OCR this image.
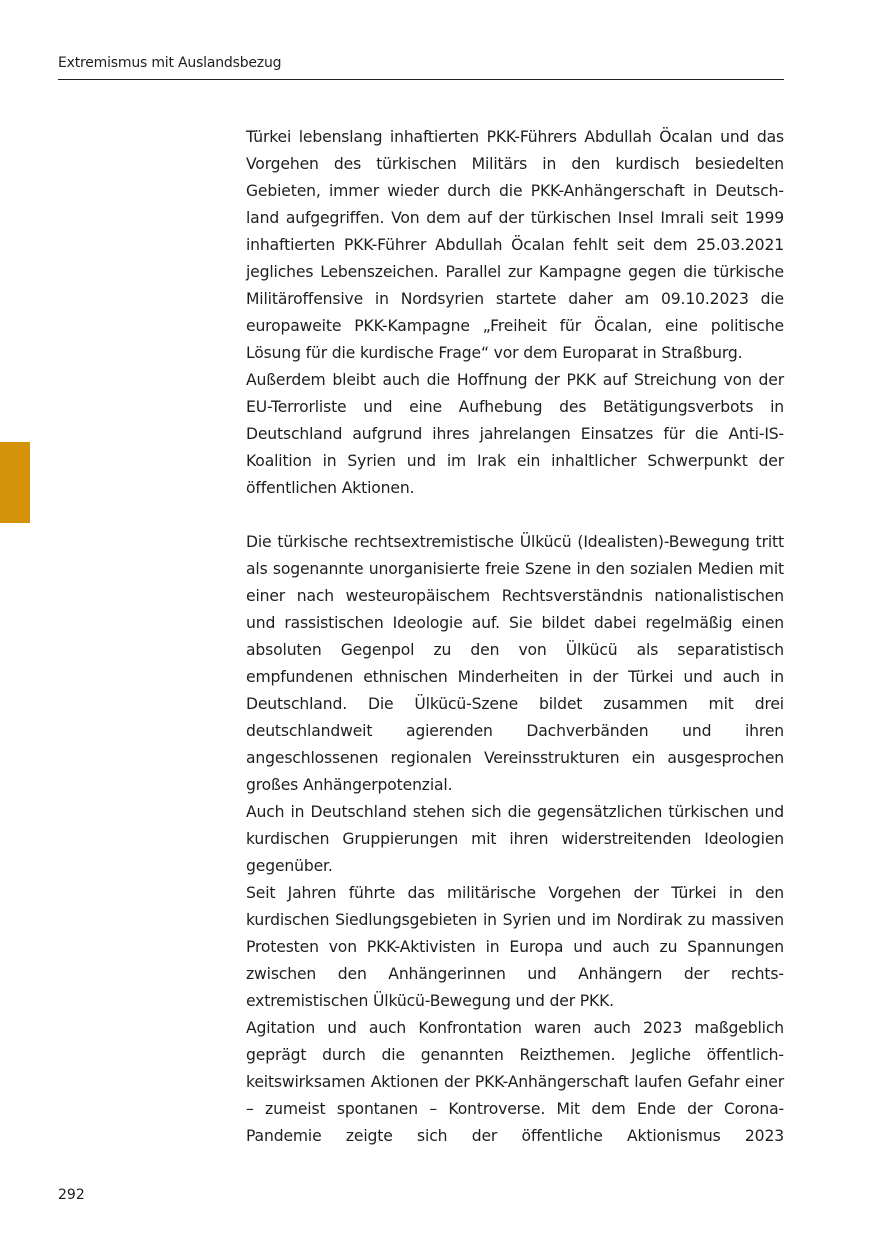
Extremismus mit Auslandsbezug

Türkei lebenslang inhaftierten PKK-Führers Abdullah Öcalan und das Vorgehen des türkischen Militärs in den kurdisch besiedelten Gebieten, immer wieder durch die PKK-Anhängerschaft in Deutschland aufgegriffen. Von dem auf der türkischen Insel Imrali seit 1999 inhaftierten PKK-Führer Abdullah Öcalan fehlt seit dem 25.03.2021 jegliches Lebenszeichen. Parallel zur Kampagne gegen die türkische Militäroffensive in Nordsyrien startete daher am 09.10.2023 die europaweite PKK-Kampagne „Freiheit für Öcalan, eine politische Lösung für die kurdische Frage“ vor dem Europarat in Straßburg.

Außerdem bleibt auch die Hoffnung der PKK auf Streichung von der EU-Terrorliste und eine Aufhebung des Betätigungsverbots in Deutschland aufgrund ihres jahrelangen Einsatzes für die Anti-IS-Koalition in Syrien und im Irak ein inhaltlicher Schwerpunkt der öffentlichen Aktionen.

Die türkische rechtsextremistische Ülkücü (Idealisten)-Bewegung tritt als sogenannte unorganisierte freie Szene in den sozialen Medien mit einer nach westeuropäischem Rechtsverständnis nationalistischen und rassistischen Ideologie auf. Sie bildet dabei regelmäßig einen absoluten Gegenpol zu den von Ülkücü als separatistisch empfundenen ethnischen Minderheiten in der Türkei und auch in Deutschland. Die Ülkücü-Szene bildet zusammen mit drei deutschlandweit agierenden Dachverbänden und ihren angeschlossenen regionalen Vereinsstrukturen ein ausgesprochen großes Anhängerpotenzial.

Auch in Deutschland stehen sich die gegensätzlichen türkischen und kurdischen Gruppierungen mit ihren widerstreitenden Ideologien gegenüber.

Seit Jahren führte das militärische Vorgehen der Türkei in den kurdischen Siedlungsgebieten in Syrien und im Nordirak zu massiven Protesten von PKK-Aktivisten in Europa und auch zu Spannungen zwischen den Anhängerinnen und Anhängern der rechtsextremistischen Ülkücü-Bewegung und der PKK.

Agitation und auch Konfrontation waren auch 2023 maßgeblich geprägt durch die genannten Reizthemen. Jegliche öffentlichkeitswirksamen Aktionen der PKK-Anhängerschaft laufen Gefahr einer – zumeist spontanen – Kontroverse. Mit dem Ende der Corona-Pandemie zeigte sich der öffentliche Aktionismus 2023

292
